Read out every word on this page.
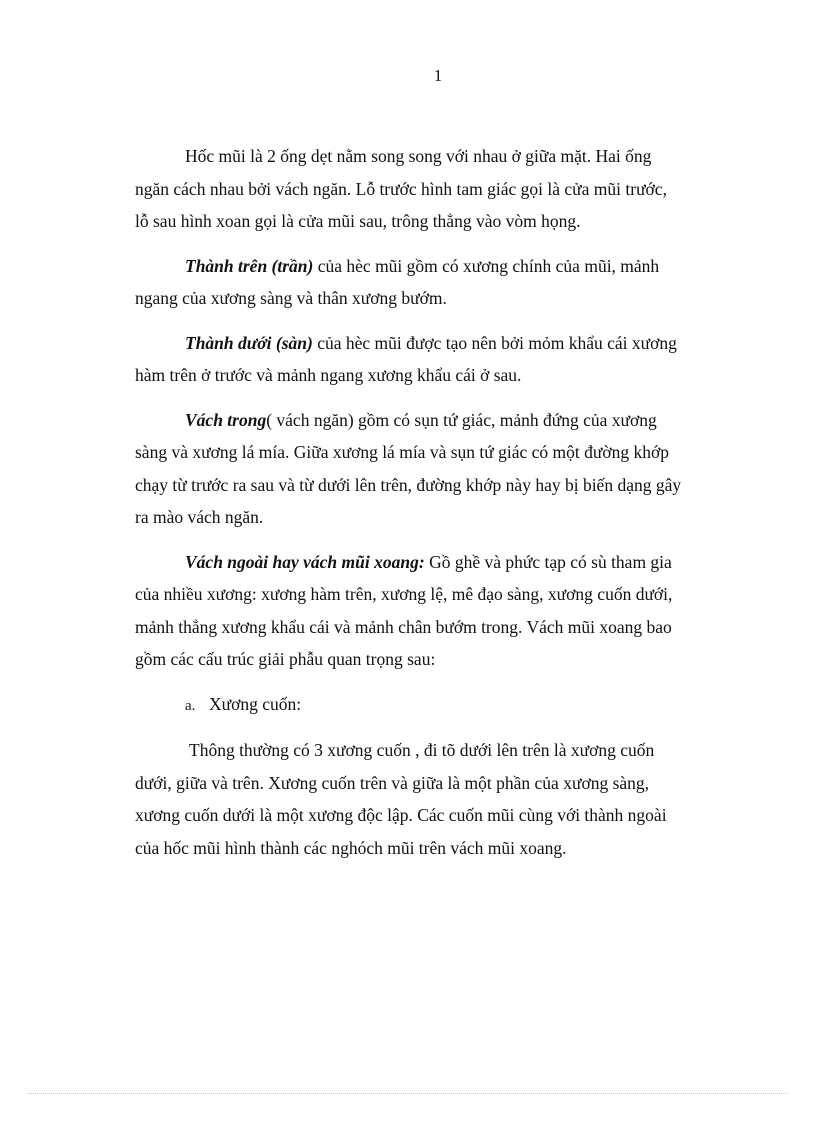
1

Hốc mũi là 2 ống dẹt nằm song song với nhau ở giữa mặt. Hai ống
ngăn cách nhau bởi vách ngăn. Lỗ trước hình tam giác gọi là cửa mũi trước,
lỗ sau hình xoan gọi là cửa mũi sau, trông thẳng vào vòm họng.

Thành trên (trần) của hèc mũi gồm có xương chính của mũi, mảnh
ngang của xương sàng và thân xương bướm.

Thành dưới (sàn) của hèc mũi được tạo nên bởi mỏm khẩu cái xương
hàm trên ở trước và mảnh ngang xương khẩu cái ở sau.

Vách trong( vách ngăn) gồm có sụn tứ giác, mảnh đứng của xương
sàng và xương lá mía. Giữa xương lá mía và sụn tứ giác có một đường khớp
chạy từ trước ra sau và từ dưới lên trên, đường khớp này hay bị biến dạng gây
ra mào vách ngăn.

Vách ngoài hay vách mũi xoang: Gồ ghề và phức tạp có sù tham gia
của nhiều xương: xương hàm trên, xương lệ, mê đạo sàng, xương cuốn dưới,
mảnh thẳng xương khẩu cái và mảnh chân bướm trong. Vách mũi xoang bao
gồm các cấu trúc giải phẫu quan trọng sau:

a. Xương cuốn:

Thông thường có 3 xương cuốn , đi tõ dưới lên trên là xương cuốn
dưới, giữa và trên. Xương cuốn trên và giữa là một phần của xương sàng,
xương cuốn dưới là một xương độc lập. Các cuốn mũi cùng với thành ngoài
của hốc mũi hình thành các nghóch mũi trên vách mũi xoang.
